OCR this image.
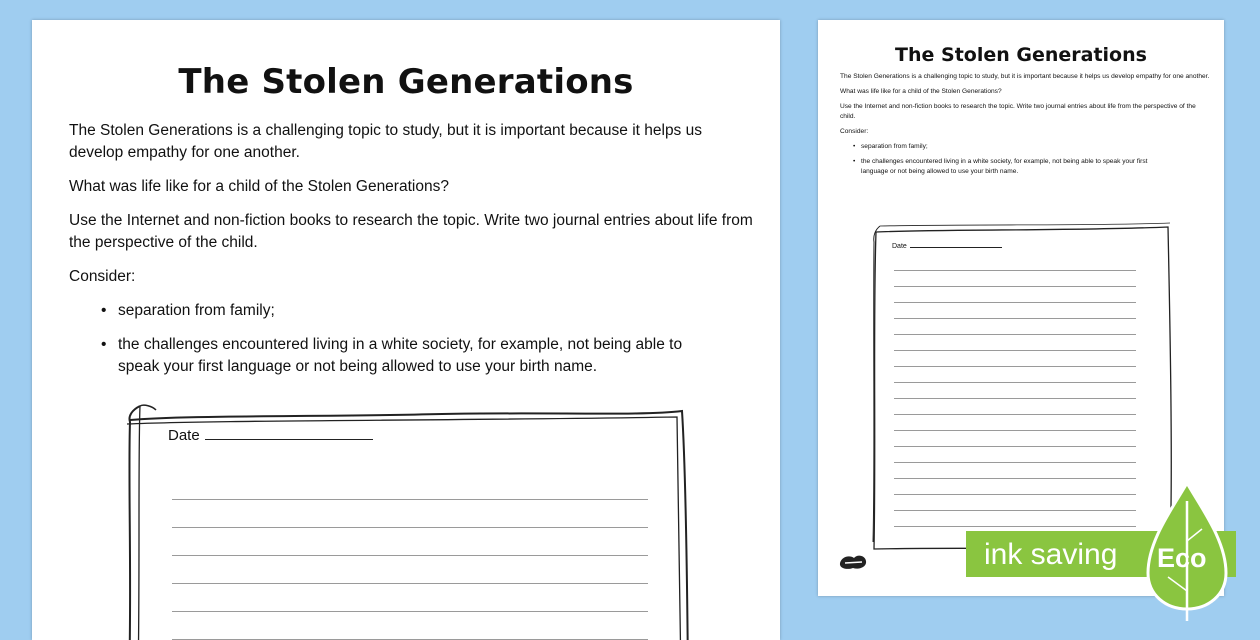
The Stolen Generations

The Stolen Generations is a challenging topic to study, but it is important because it helps us develop empathy for one another.

What was life like for a child of the Stolen Generations?

Use the Internet and non-fiction books to research the topic. Write two journal entries about life from the perspective of the child.

Consider:

• separation from family;
• the challenges encountered living in a white society, for example, not being able to speak your first language or not being allowed to use your birth name.
Date
The Stolen Generations

The Stolen Generations is a challenging topic to study, but it is important because it helps us develop empathy for one another.

What was life like for a child of the Stolen Generations?

Use the Internet and non-fiction books to research the topic. Write two journal entries about life from the perspective of the child.

Consider:

• separation from family;
• the challenges encountered living in a white society, for example, not being able to speak your first language or not being allowed to use your birth name.
Date
ink saving Eco
